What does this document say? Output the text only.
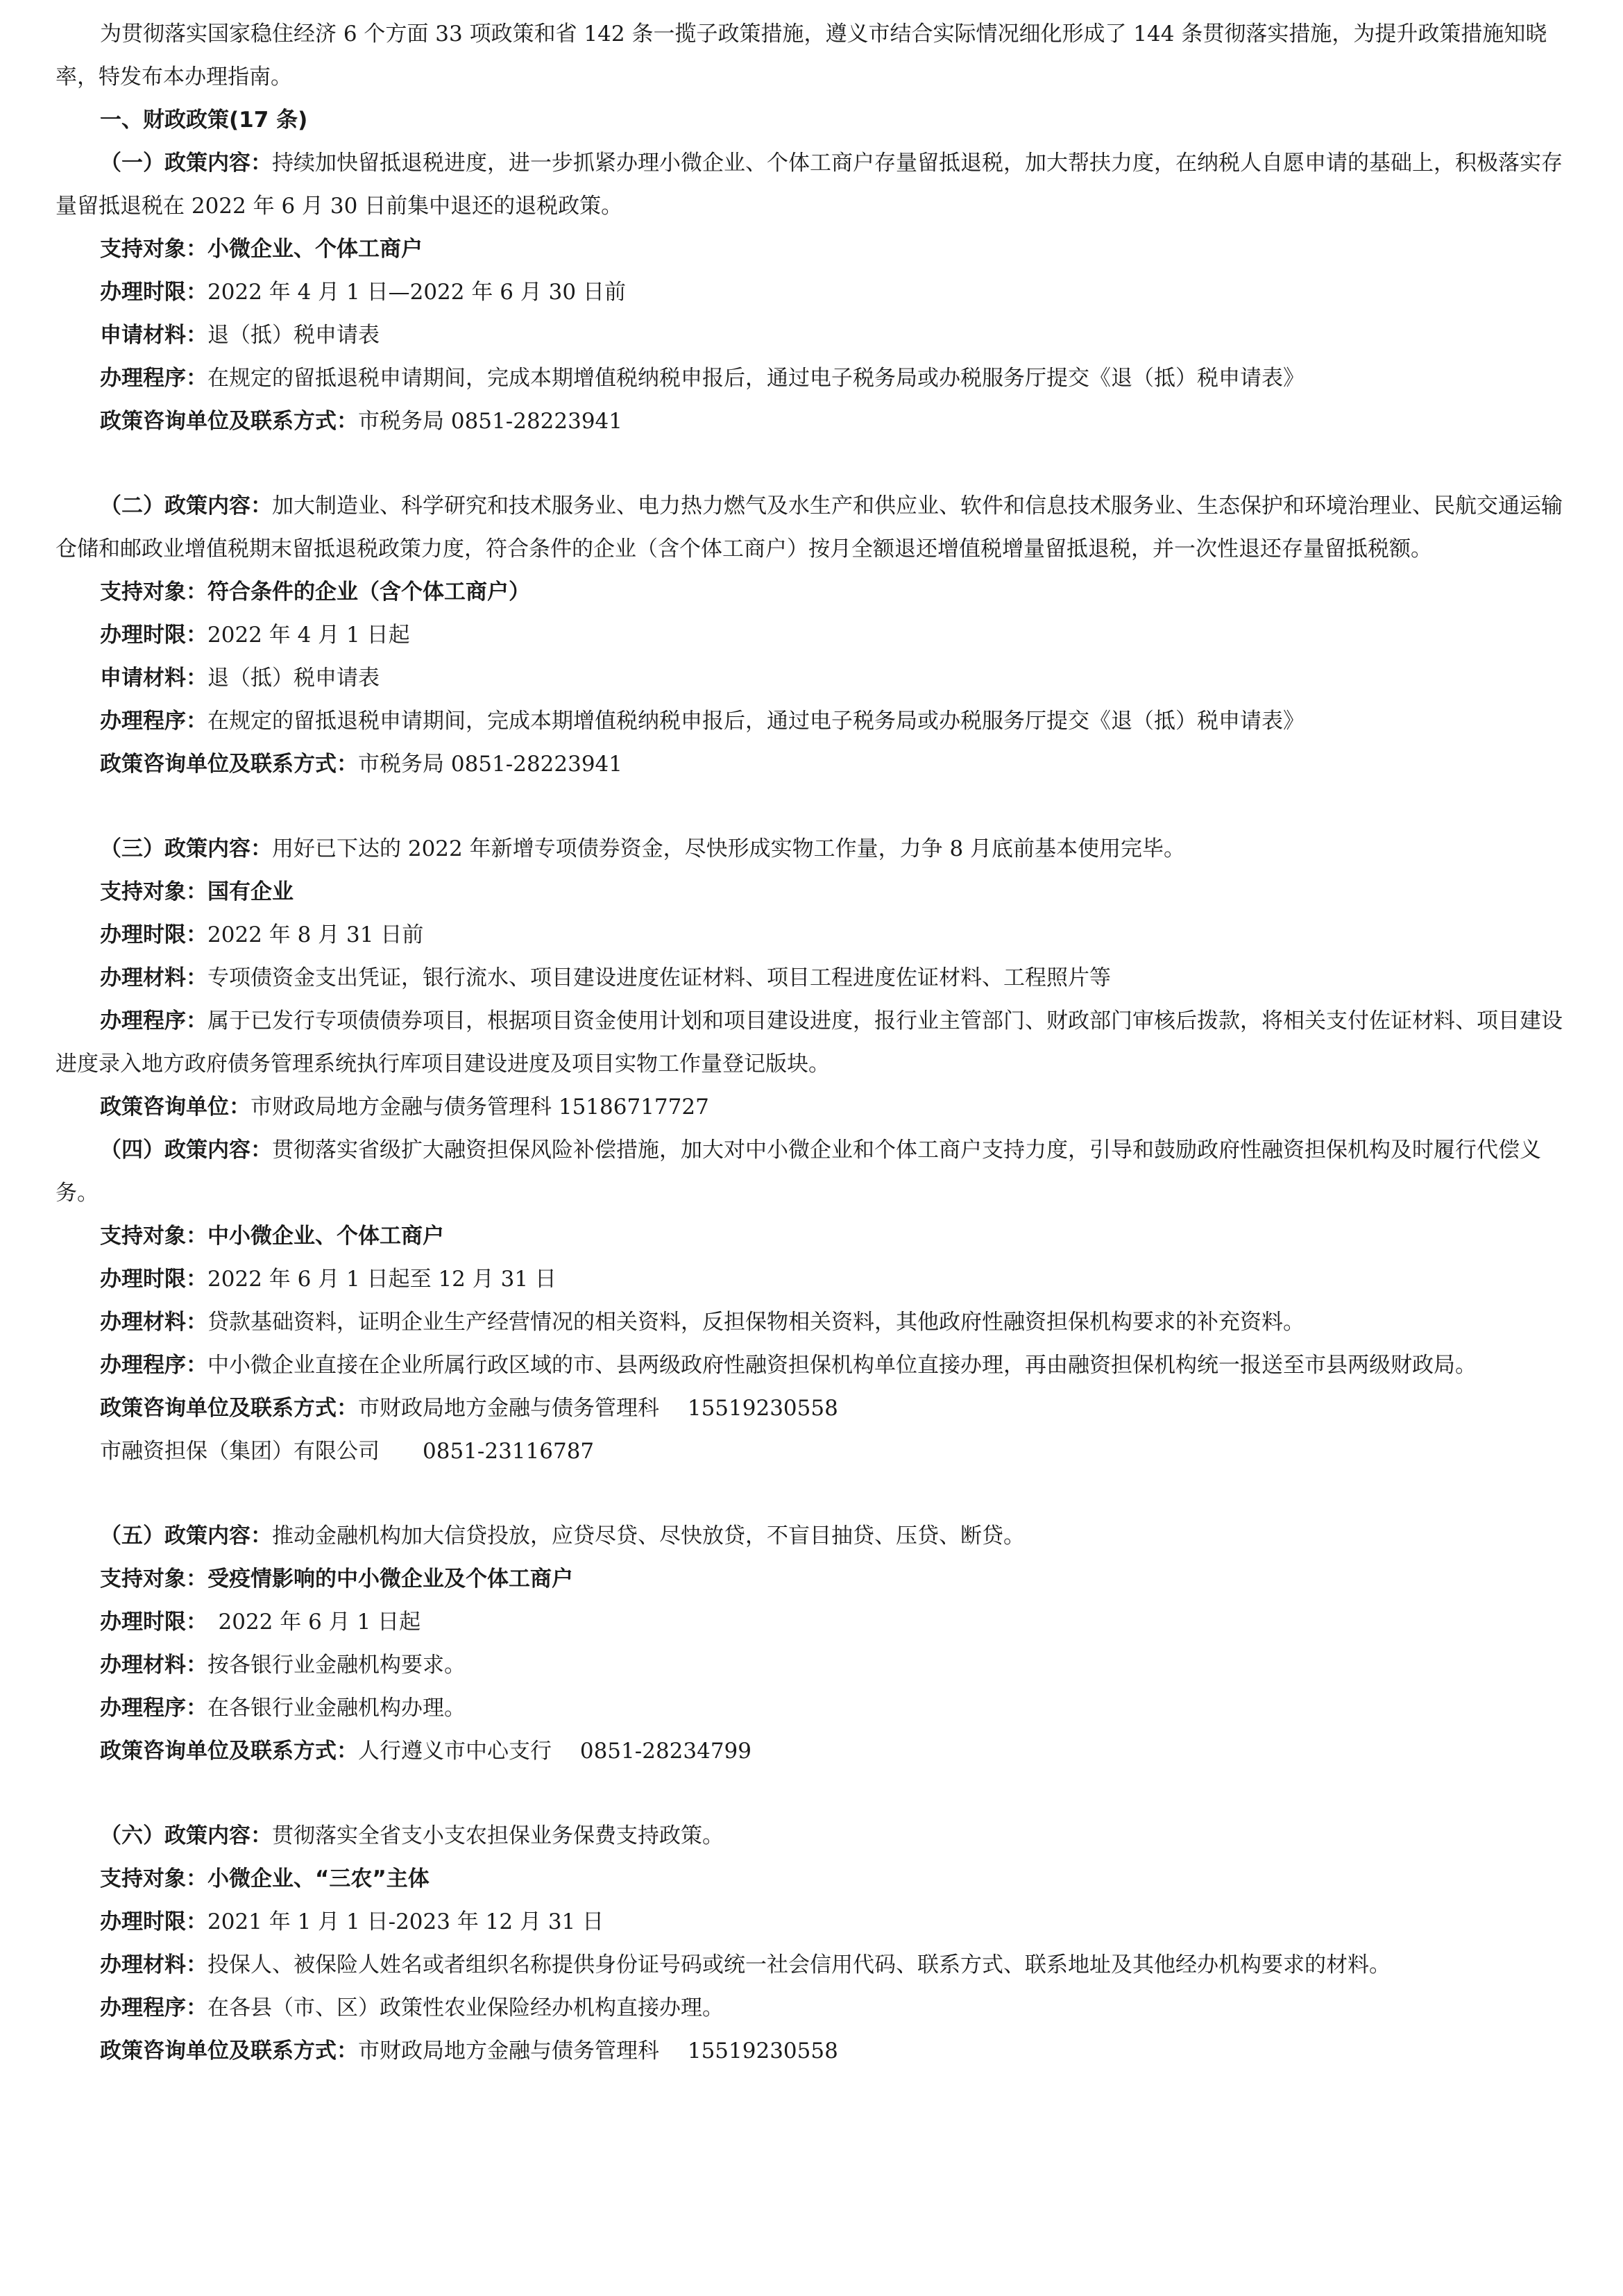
为贯彻落实国家稳住经济 6 个方面 33 项政策和省 142 条一揽子政策措施，遵义市结合实际情况细化形成了 144 条贯彻落实措施，为提升政策措施知晓率，特发布本办理指南。

一、财政政策(17 条)

（一）政策内容：持续加快留抵退税进度，进一步抓紧办理小微企业、个体工商户存量留抵退税，加大帮扶力度，在纳税人自愿申请的基础上，积极落实存量留抵退税在 2022 年 6 月 30 日前集中退还的退税政策。

支持对象：小微企业、个体工商户

办理时限：2022 年 4 月 1 日—2022 年 6 月 30 日前

申请材料：退（抵）税申请表

办理程序：在规定的留抵退税申请期间，完成本期增值税纳税申报后，通过电子税务局或办税服务厅提交《退（抵）税申请表》

政策咨询单位及联系方式：市税务局 0851-28223941

（二）政策内容：加大制造业、科学研究和技术服务业、电力热力燃气及水生产和供应业、软件和信息技术服务业、生态保护和环境治理业、民航交通运输仓储和邮政业增值税期末留抵退税政策力度，符合条件的企业（含个体工商户）按月全额退还增值税增量留抵退税，并一次性退还存量留抵税额。

支持对象：符合条件的企业（含个体工商户）

办理时限：2022 年 4 月 1 日起

申请材料：退（抵）税申请表

办理程序：在规定的留抵退税申请期间，完成本期增值税纳税申报后，通过电子税务局或办税服务厅提交《退（抵）税申请表》

政策咨询单位及联系方式：市税务局 0851-28223941

（三）政策内容：用好已下达的 2022 年新增专项债券资金，尽快形成实物工作量，力争 8 月底前基本使用完毕。

支持对象：国有企业

办理时限：2022 年 8 月 31 日前

办理材料：专项债资金支出凭证，银行流水、项目建设进度佐证材料、项目工程进度佐证材料、工程照片等

办理程序：属于已发行专项债债券项目，根据项目资金使用计划和项目建设进度，报行业主管部门、财政部门审核后拨款，将相关支付佐证材料、项目建设进度录入地方政府债务管理系统执行库项目建设进度及项目实物工作量登记版块。

政策咨询单位：市财政局地方金融与债务管理科 15186717727

（四）政策内容：贯彻落实省级扩大融资担保风险补偿措施，加大对中小微企业和个体工商户支持力度，引导和鼓励政府性融资担保机构及时履行代偿义务。

支持对象：中小微企业、个体工商户

办理时限：2022 年 6 月 1 日起至 12 月 31 日

办理材料：贷款基础资料，证明企业生产经营情况的相关资料，反担保物相关资料，其他政府性融资担保机构要求的补充资料。

办理程序：中小微企业直接在企业所属行政区域的市、县两级政府性融资担保机构单位直接办理，再由融资担保机构统一报送至市县两级财政局。

政策咨询单位及联系方式：市财政局地方金融与债务管理科　 15519230558

市融资担保（集团）有限公司　　0851-23116787

（五）政策内容：推动金融机构加大信贷投放，应贷尽贷、尽快放贷，不盲目抽贷、压贷、断贷。

支持对象：受疫情影响的中小微企业及个体工商户

办理时限：　2022 年 6 月 1 日起

办理材料：按各银行业金融机构要求。

办理程序：在各银行业金融机构办理。

政策咨询单位及联系方式：人行遵义市中心支行　 0851-28234799

（六）政策内容：贯彻落实全省支小支农担保业务保费支持政策。

支持对象：小微企业、“三农”主体

办理时限：2021 年 1 月 1 日-2023 年 12 月 31 日

办理材料：投保人、被保险人姓名或者组织名称提供身份证号码或统一社会信用代码、联系方式、联系地址及其他经办机构要求的材料。

办理程序：在各县（市、区）政策性农业保险经办机构直接办理。

政策咨询单位及联系方式：市财政局地方金融与债务管理科　 15519230558
